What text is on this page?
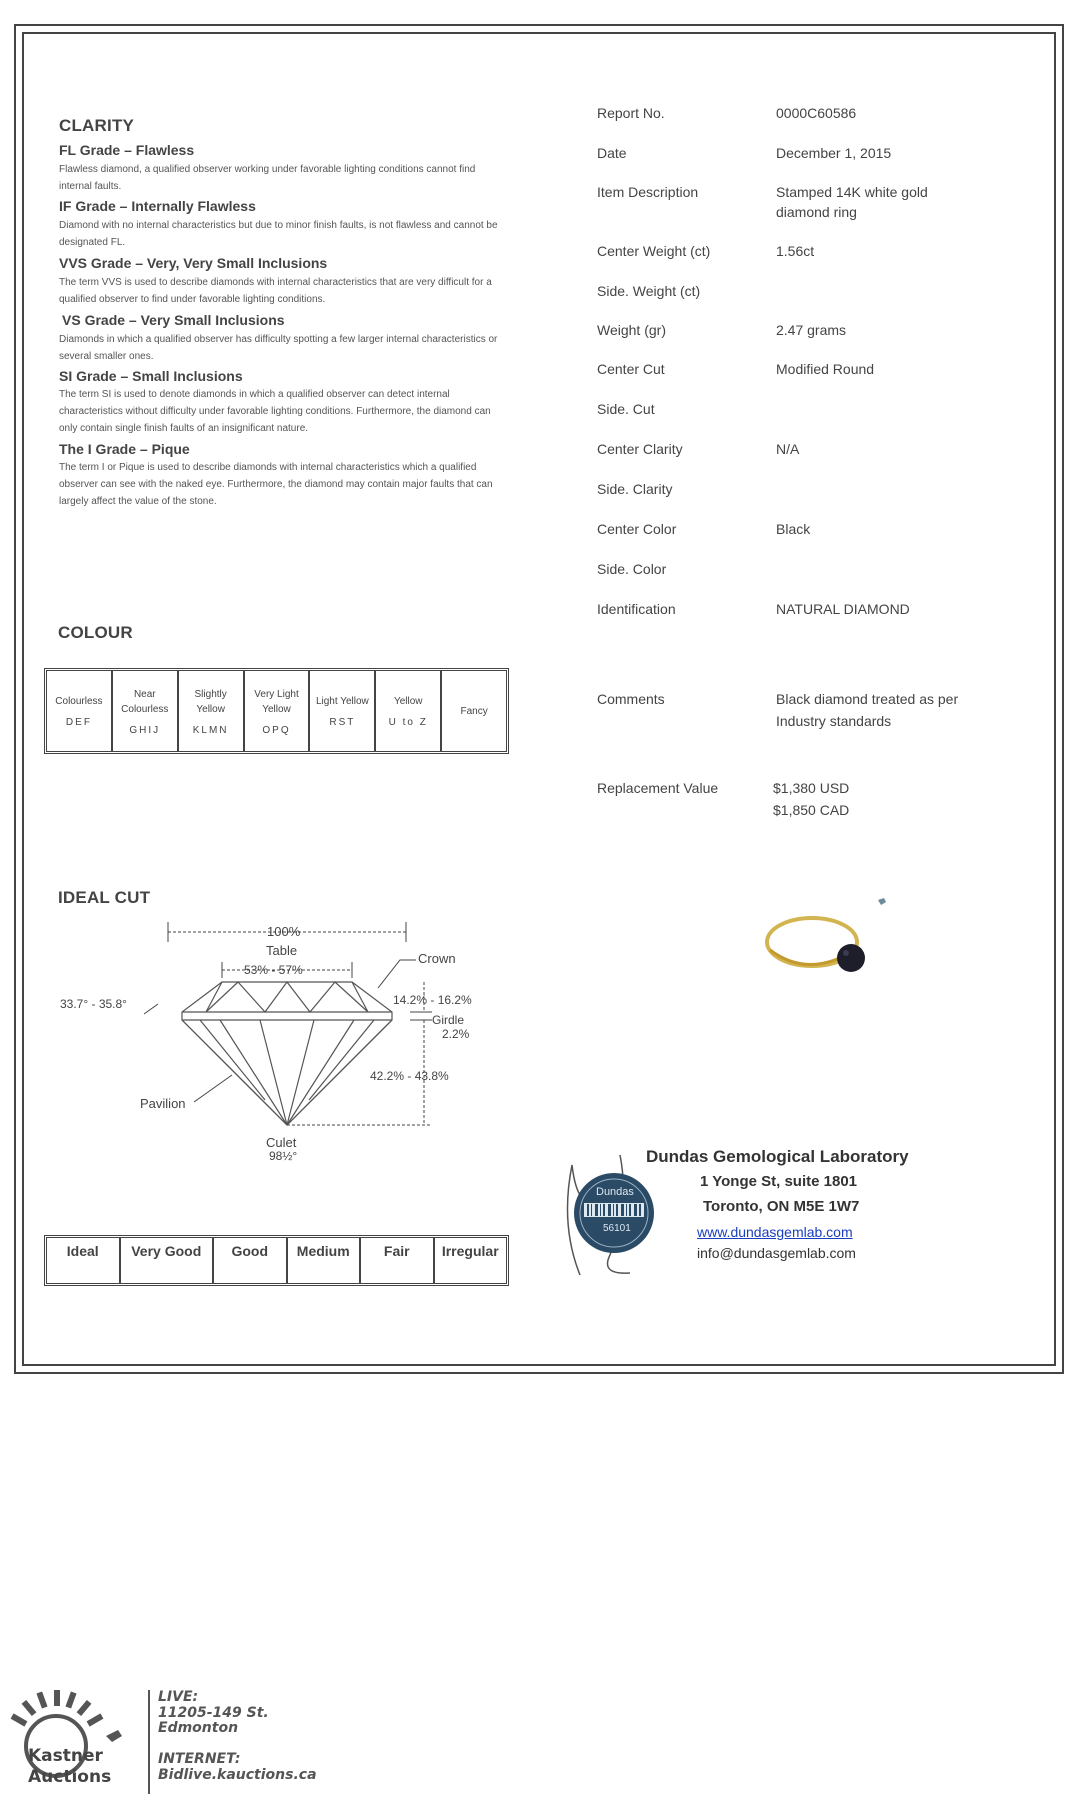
CLARITY
FL Grade – Flawless
Flawless diamond, a qualified observer working under favorable lighting conditions cannot find internal faults.
IF Grade – Internally Flawless
Diamond with no internal characteristics but due to minor finish faults, is not flawless and cannot be designated FL.
VVS Grade – Very, Very Small Inclusions
The term VVS is used to describe diamonds with internal characteristics that are very difficult for a qualified observer to find under favorable lighting conditions.
VS Grade – Very Small Inclusions
Diamonds in which a qualified observer has difficulty spotting a few larger internal characteristics or several smaller ones.
SI Grade – Small Inclusions
The term SI is used to denote diamonds in which a qualified observer can detect internal characteristics without difficulty under favorable lighting conditions. Furthermore, the diamond can only contain single finish faults of an insignificant nature.
The I Grade – Pique
The term I or Pique is used to describe diamonds with internal characteristics which a qualified observer can see with the naked eye. Furthermore, the diamond may contain major faults that can largely affect the value of the stone.
COLOUR
Colourless
DEF
Near Colourless
GHIJ
Slightly Yellow
KLMN
Very Light Yellow
OPQ
Light Yellow
RST
Yellow
U to Z
Fancy
IDEAL CUT
100%
Table
53% - 57%
Crown
33.7° - 35.8°	14.2% - 16.2%
Girdle
2.2%
42.2% - 43.8%
Pavilion
Culet
98½°
Ideal	Very Good	Good	Medium	Fair	Irregular
Report No.	0000C60586
Date	December 1, 2015
Item Description	Stamped 14K white gold diamond ring
Center Weight (ct)	1.56ct
Side. Weight (ct)
Weight (gr)	2.47 grams
Center Cut	Modified Round
Side. Cut
Center Clarity	N/A
Side. Clarity
Center Color	Black
Side. Color
Identification	NATURAL DIAMOND
Comments	Black diamond treated as per Industry standards
Replacement Value	$1,380 USD
$1,850 CAD
Dundas
56101
Dundas Gemological Laboratory
1 Yonge St, suite 1801
Toronto, ON M5E 1W7
www.dundasgemlab.com
info@dundasgemlab.com
Kastner
Auctions
LIVE:
11205-149 St.
Edmonton
INTERNET:
Bidlive.kauctions.ca
